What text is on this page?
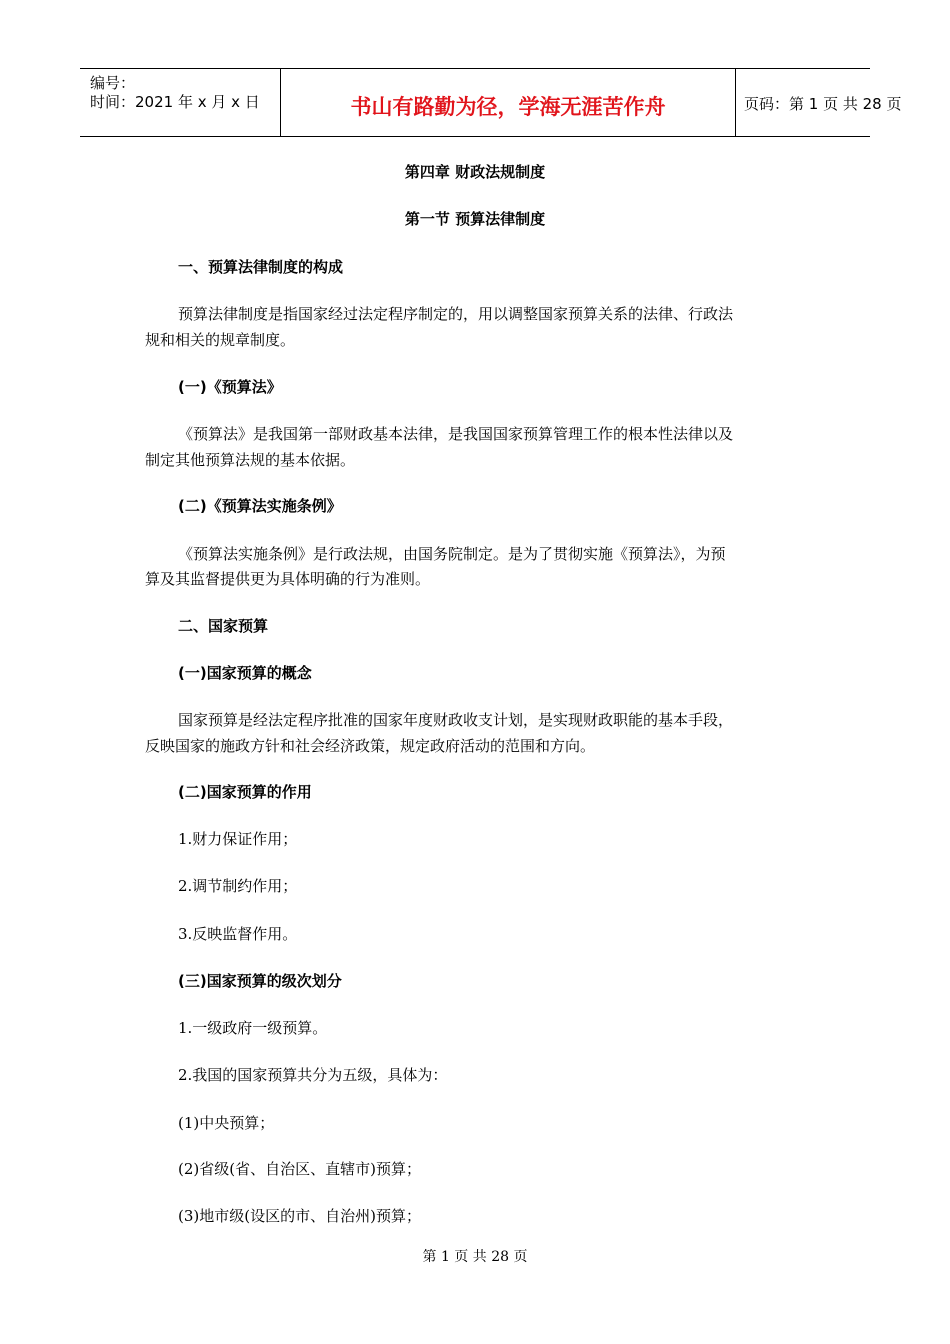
编号：
时间：2021 年 x 月 x 日	书山有路勤为径，学海无涯苦作舟	页码：第 1 页 共 28 页
第四章 财政法规制度
第一节 预算法律制度
一、预算法律制度的构成
预算法律制度是指国家经过法定程序制定的，用以调整国家预算关系的法律、行政法
规和相关的规章制度。
(一)《预算法》
《预算法》是我国第一部财政基本法律，是我国国家预算管理工作的根本性法律以及
制定其他预算法规的基本依据。
(二)《预算法实施条例》
《预算法实施条例》是行政法规，由国务院制定。是为了贯彻实施《预算法》，为预
算及其监督提供更为具体明确的行为准则。
二、国家预算
(一)国家预算的概念
国家预算是经法定程序批准的国家年度财政收支计划，是实现财政职能的基本手段，
反映国家的施政方针和社会经济政策，规定政府活动的范围和方向。
(二)国家预算的作用
1.财力保证作用；
2.调节制约作用；
3.反映监督作用。
(三)国家预算的级次划分
1.一级政府一级预算。
2.我国的国家预算共分为五级，具体为：
(1)中央预算；
(2)省级(省、自治区、直辖市)预算；
(3)地市级(设区的市、自治州)预算；
第 1 页 共 28 页
